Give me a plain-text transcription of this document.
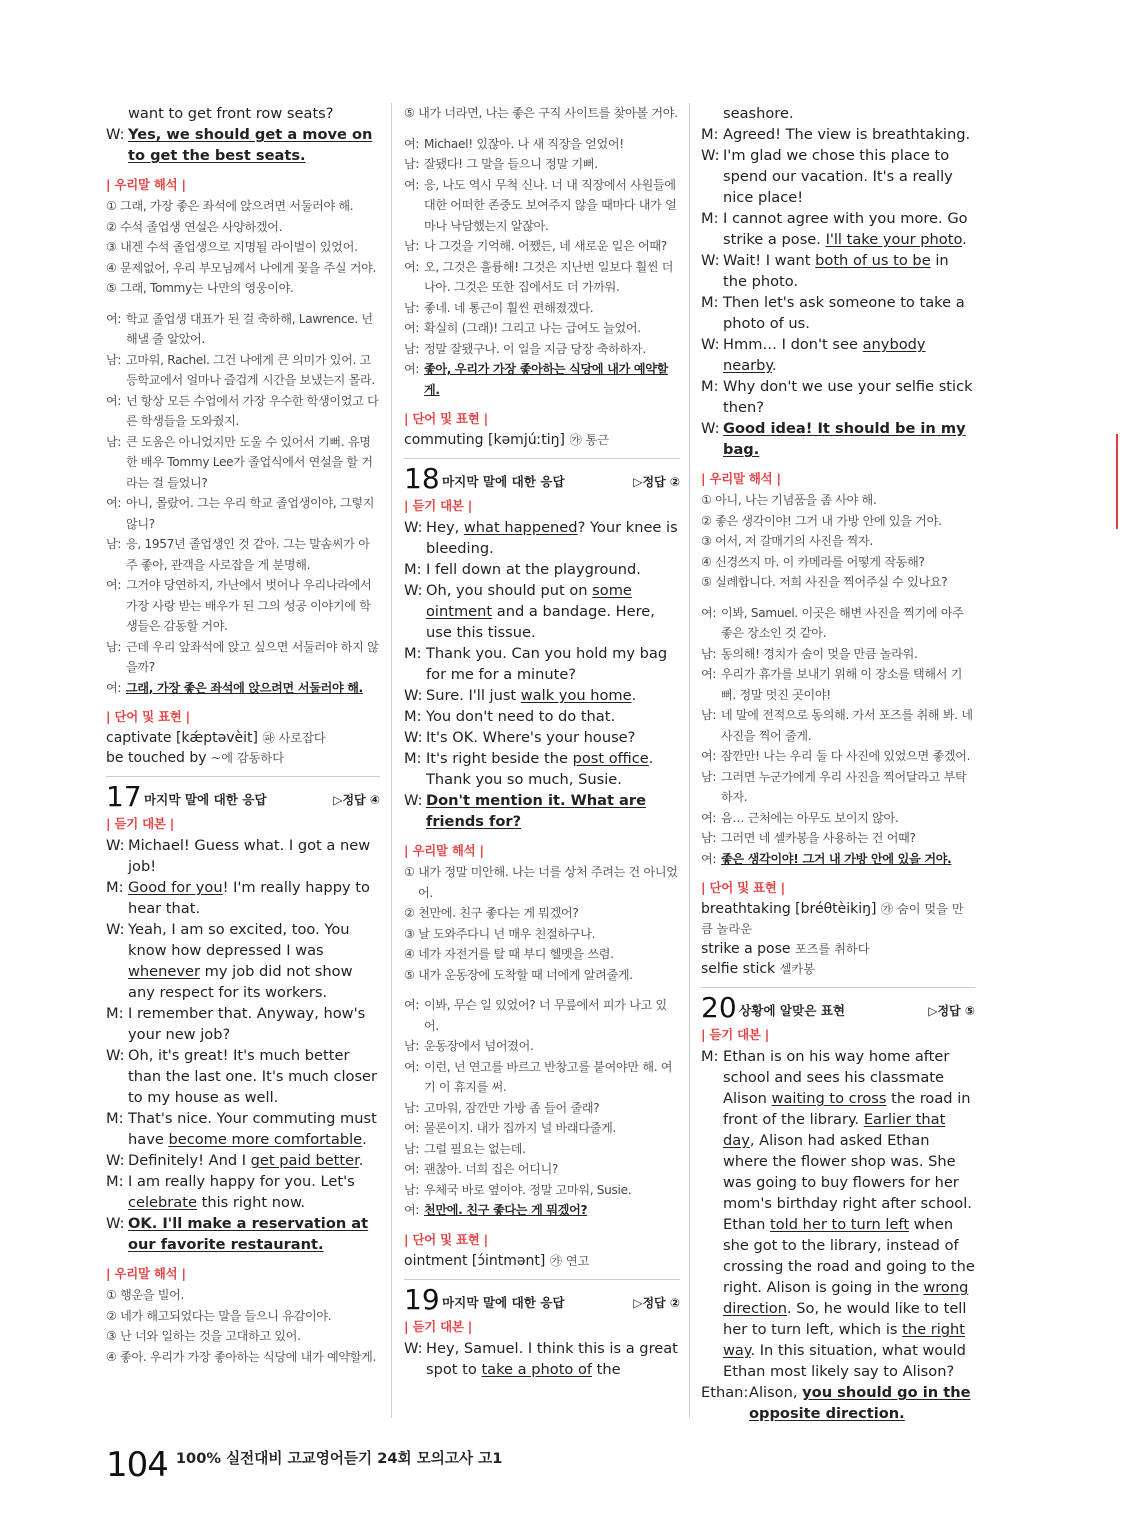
want to get front row seats?
W: Yes, we should get a move on to get the best seats.
| 우리말 해석 |
① 그래, 가장 좋은 좌석에 앉으려면 서둘러야 해.
② 수석 졸업생 연설은 사양하겠어.
③ 내겐 수석 졸업생으로 지명될 라이벌이 있었어.
④ 문제없어, 우리 부모님께서 나에게 꽃을 주실 거야.
⑤ 그래, Tommy는 나만의 영웅이야.
여: 학교 졸업생 대표가 된 걸 축하해, Lawrence. 넌 해낼 줄 알았어.
남: 고마워, Rachel. 그건 나에게 큰 의미가 있어. 고등학교에서 얼마나 즐겁게 시간을 보냈는지 몰라.
여: 넌 항상 모든 수업에서 가장 우수한 학생이었고 다른 학생들을 도와줬지.
남: 큰 도움은 아니었지만 도울 수 있어서 기뻐. 유명한 배우 Tommy Lee가 졸업식에서 연설을 할 거라는 걸 들었니?
여: 아니, 몰랐어. 그는 우리 학교 졸업생이야, 그렇지 않니?
남: 응, 1957년 졸업생인 것 같아. 그는 말솜씨가 아주 좋아, 관객을 사로잡을 게 분명해.
여: 그거야 당연하지, 가난에서 벗어나 우리나라에서 가장 사랑 받는 배우가 된 그의 성공 이야기에 학생들은 감동할 거야.
남: 근데 우리 앞좌석에 앉고 싶으면 서둘러야 하지 않을까?
여: 그래, 가장 좋은 좌석에 앉으려면 서둘러야 해.
| 단어 및 표현 |
captivate [kǽptəvèit] ㉺ 사로잡다
be touched by ~에 감동하다
17 마지막 말에 대한 응답	▷정답 ④
| 듣기 대본 |
W: Michael! Guess what. I got a new job!
M: Good for you! I'm really happy to hear that.
W: Yeah, I am so excited, too. You know how depressed I was whenever my job did not show any respect for its workers.
M: I remember that. Anyway, how's your new job?
W: Oh, it's great! It's much better than the last one. It's much closer to my house as well.
M: That's nice. Your commuting must have become more comfortable.
W: Definitely! And I get paid better.
M: I am really happy for you. Let's celebrate this right now.
W: OK. I'll make a reservation at our favorite restaurant.
| 우리말 해석 |
① 행운을 빌어.
② 네가 해고되었다는 말을 들으니 유감이야.
③ 난 너와 일하는 것을 고대하고 있어.
④ 좋아. 우리가 가장 좋아하는 식당에 내가 예약할게.
⑤ 내가 너라면, 나는 좋은 구직 사이트를 찾아볼 거야.
여: Michael! 있잖아. 나 새 직장을 얻었어!
남: 잘됐다! 그 말을 들으니 정말 기뻐.
여: 응, 나도 역시 무척 신나. 너 내 직장에서 사원들에 대한 어떠한 존중도 보여주지 않을 때마다 내가 얼마나 낙담했는지 알잖아.
남: 나 그것을 기억해. 어쨌든, 네 새로운 일은 어때?
여: 오, 그것은 훌륭해! 그것은 지난번 일보다 훨씬 더 나아. 그것은 또한 집에서도 더 가까워.
남: 좋네. 네 통근이 훨씬 편해졌겠다.
여: 확실히 (그래)! 그리고 나는 급여도 늘었어.
남: 정말 잘됐구나. 이 일을 지금 당장 축하하자.
여: 좋아, 우리가 가장 좋아하는 식당에 내가 예약할게.
| 단어 및 표현 |
commuting [kəmjúːtiŋ] ㉮ 통근
18 마지막 말에 대한 응답	▷정답 ②
| 듣기 대본 |
W: Hey, what happened? Your knee is bleeding.
M: I fell down at the playground.
W: Oh, you should put on some ointment and a bandage. Here, use this tissue.
M: Thank you. Can you hold my bag for me for a minute?
W: Sure. I'll just walk you home.
M: You don't need to do that.
W: It's OK. Where's your house?
M: It's right beside the post office. Thank you so much, Susie.
W: Don't mention it. What are friends for?
| 우리말 해석 |
① 내가 정말 미안해. 나는 너를 상처 주려는 건 아니었어.
② 천만에. 친구 좋다는 게 뭐겠어?
③ 날 도와주다니 넌 매우 친절하구나.
④ 네가 자전거를 탈 때 부디 헬멧을 쓰렴.
⑤ 내가 운동장에 도착할 때 너에게 알려줄게.
여: 이봐, 무슨 일 있었어? 너 무릎에서 피가 나고 있어.
남: 운동장에서 넘어졌어.
여: 이런, 넌 연고를 바르고 반창고를 붙여야만 해. 여기 이 휴지를 써.
남: 고마워, 잠깐만 가방 좀 들어 줄래?
여: 물론이지. 내가 집까지 널 바래다줄게.
남: 그럴 필요는 없는데.
여: 괜찮아. 너희 집은 어디니?
남: 우체국 바로 옆이야. 정말 고마워, Susie.
여: 천만에. 친구 좋다는 게 뭐겠어?
| 단어 및 표현 |
ointment [ɔ́intmənt] ㉮ 연고
19 마지막 말에 대한 응답	▷정답 ②
| 듣기 대본 |
W: Hey, Samuel. I think this is a great spot to take a photo of the
seashore.
M: Agreed! The view is breathtaking.
W: I'm glad we chose this place to spend our vacation. It's a really nice place!
M: I cannot agree with you more. Go strike a pose. I'll take your photo.
W: Wait! I want both of us to be in the photo.
M: Then let's ask someone to take a photo of us.
W: Hmm… I don't see anybody nearby.
M: Why don't we use your selfie stick then?
W: Good idea! It should be in my bag.
| 우리말 해석 |
① 아니, 나는 기념품을 좀 사야 해.
② 좋은 생각이야! 그거 내 가방 안에 있을 거야.
③ 어서, 저 갈매기의 사진을 찍자.
④ 신경쓰지 마. 이 카메라를 어떻게 작동해?
⑤ 실례합니다. 저희 사진을 찍어주실 수 있나요?
여: 이봐, Samuel. 이곳은 해변 사진을 찍기에 아주 좋은 장소인 것 같아.
남: 동의해! 경치가 숨이 멎을 만큼 놀라워.
여: 우리가 휴가를 보내기 위해 이 장소를 택해서 기뻐. 정말 멋진 곳이야!
남: 네 말에 전적으로 동의해. 가서 포즈를 취해 봐. 네 사진을 찍어 줄게.
여: 잠깐만! 나는 우리 둘 다 사진에 있었으면 좋겠어.
남: 그러면 누군가에게 우리 사진을 찍어달라고 부탁하자.
여: 음… 근처에는 아무도 보이지 않아.
남: 그러면 네 셀카봉을 사용하는 건 어때?
여: 좋은 생각이야! 그거 내 가방 안에 있을 거야.
| 단어 및 표현 |
breathtaking [bréθtèikiŋ] ㉮ 숨이 멎을 만큼 놀라운
strike a pose 포즈를 취하다
selfie stick 셀카봉
20 상황에 알맞은 표현	▷정답 ⑤
| 듣기 대본 |
M: Ethan is on his way home after school and sees his classmate Alison waiting to cross the road in front of the library. Earlier that day, Alison had asked Ethan where the flower shop was. She was going to buy flowers for her mom's birthday right after school. Ethan told her to turn left when she got to the library, instead of crossing the road and going to the right. Alison is going in the wrong direction. So, he would like to tell her to turn left, which is the right way. In this situation, what would Ethan most likely say to Alison?
Ethan: Alison, you should go in the opposite direction.
104 100% 실전대비 고교영어듣기 24회 모의고사 고1
